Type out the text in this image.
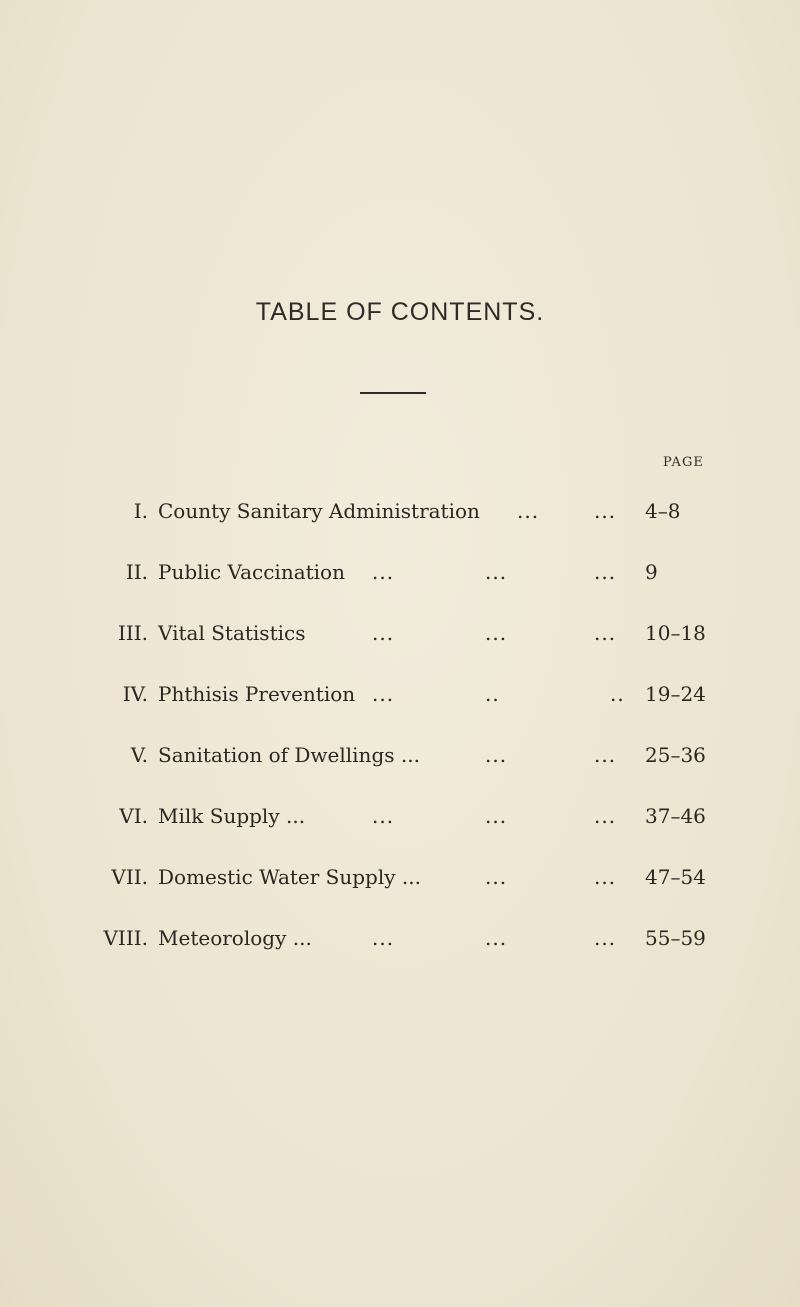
TABLE OF CONTENTS.
PAGE
I. County Sanitary Administration ...	... 4–8
II. Public Vaccination ...	...	... 9
III. Vital Statistics	...	...	... 10–18
IV. Phthisis Prevention ...	..	.. 19–24
V. Sanitation of Dwellings ...	...	... 25–36
VI. Milk Supply ...	...	...	... 37–46
VII. Domestic Water Supply ...	...	... 47–54
VIII. Meteorology ...	...	...	... 55–59
